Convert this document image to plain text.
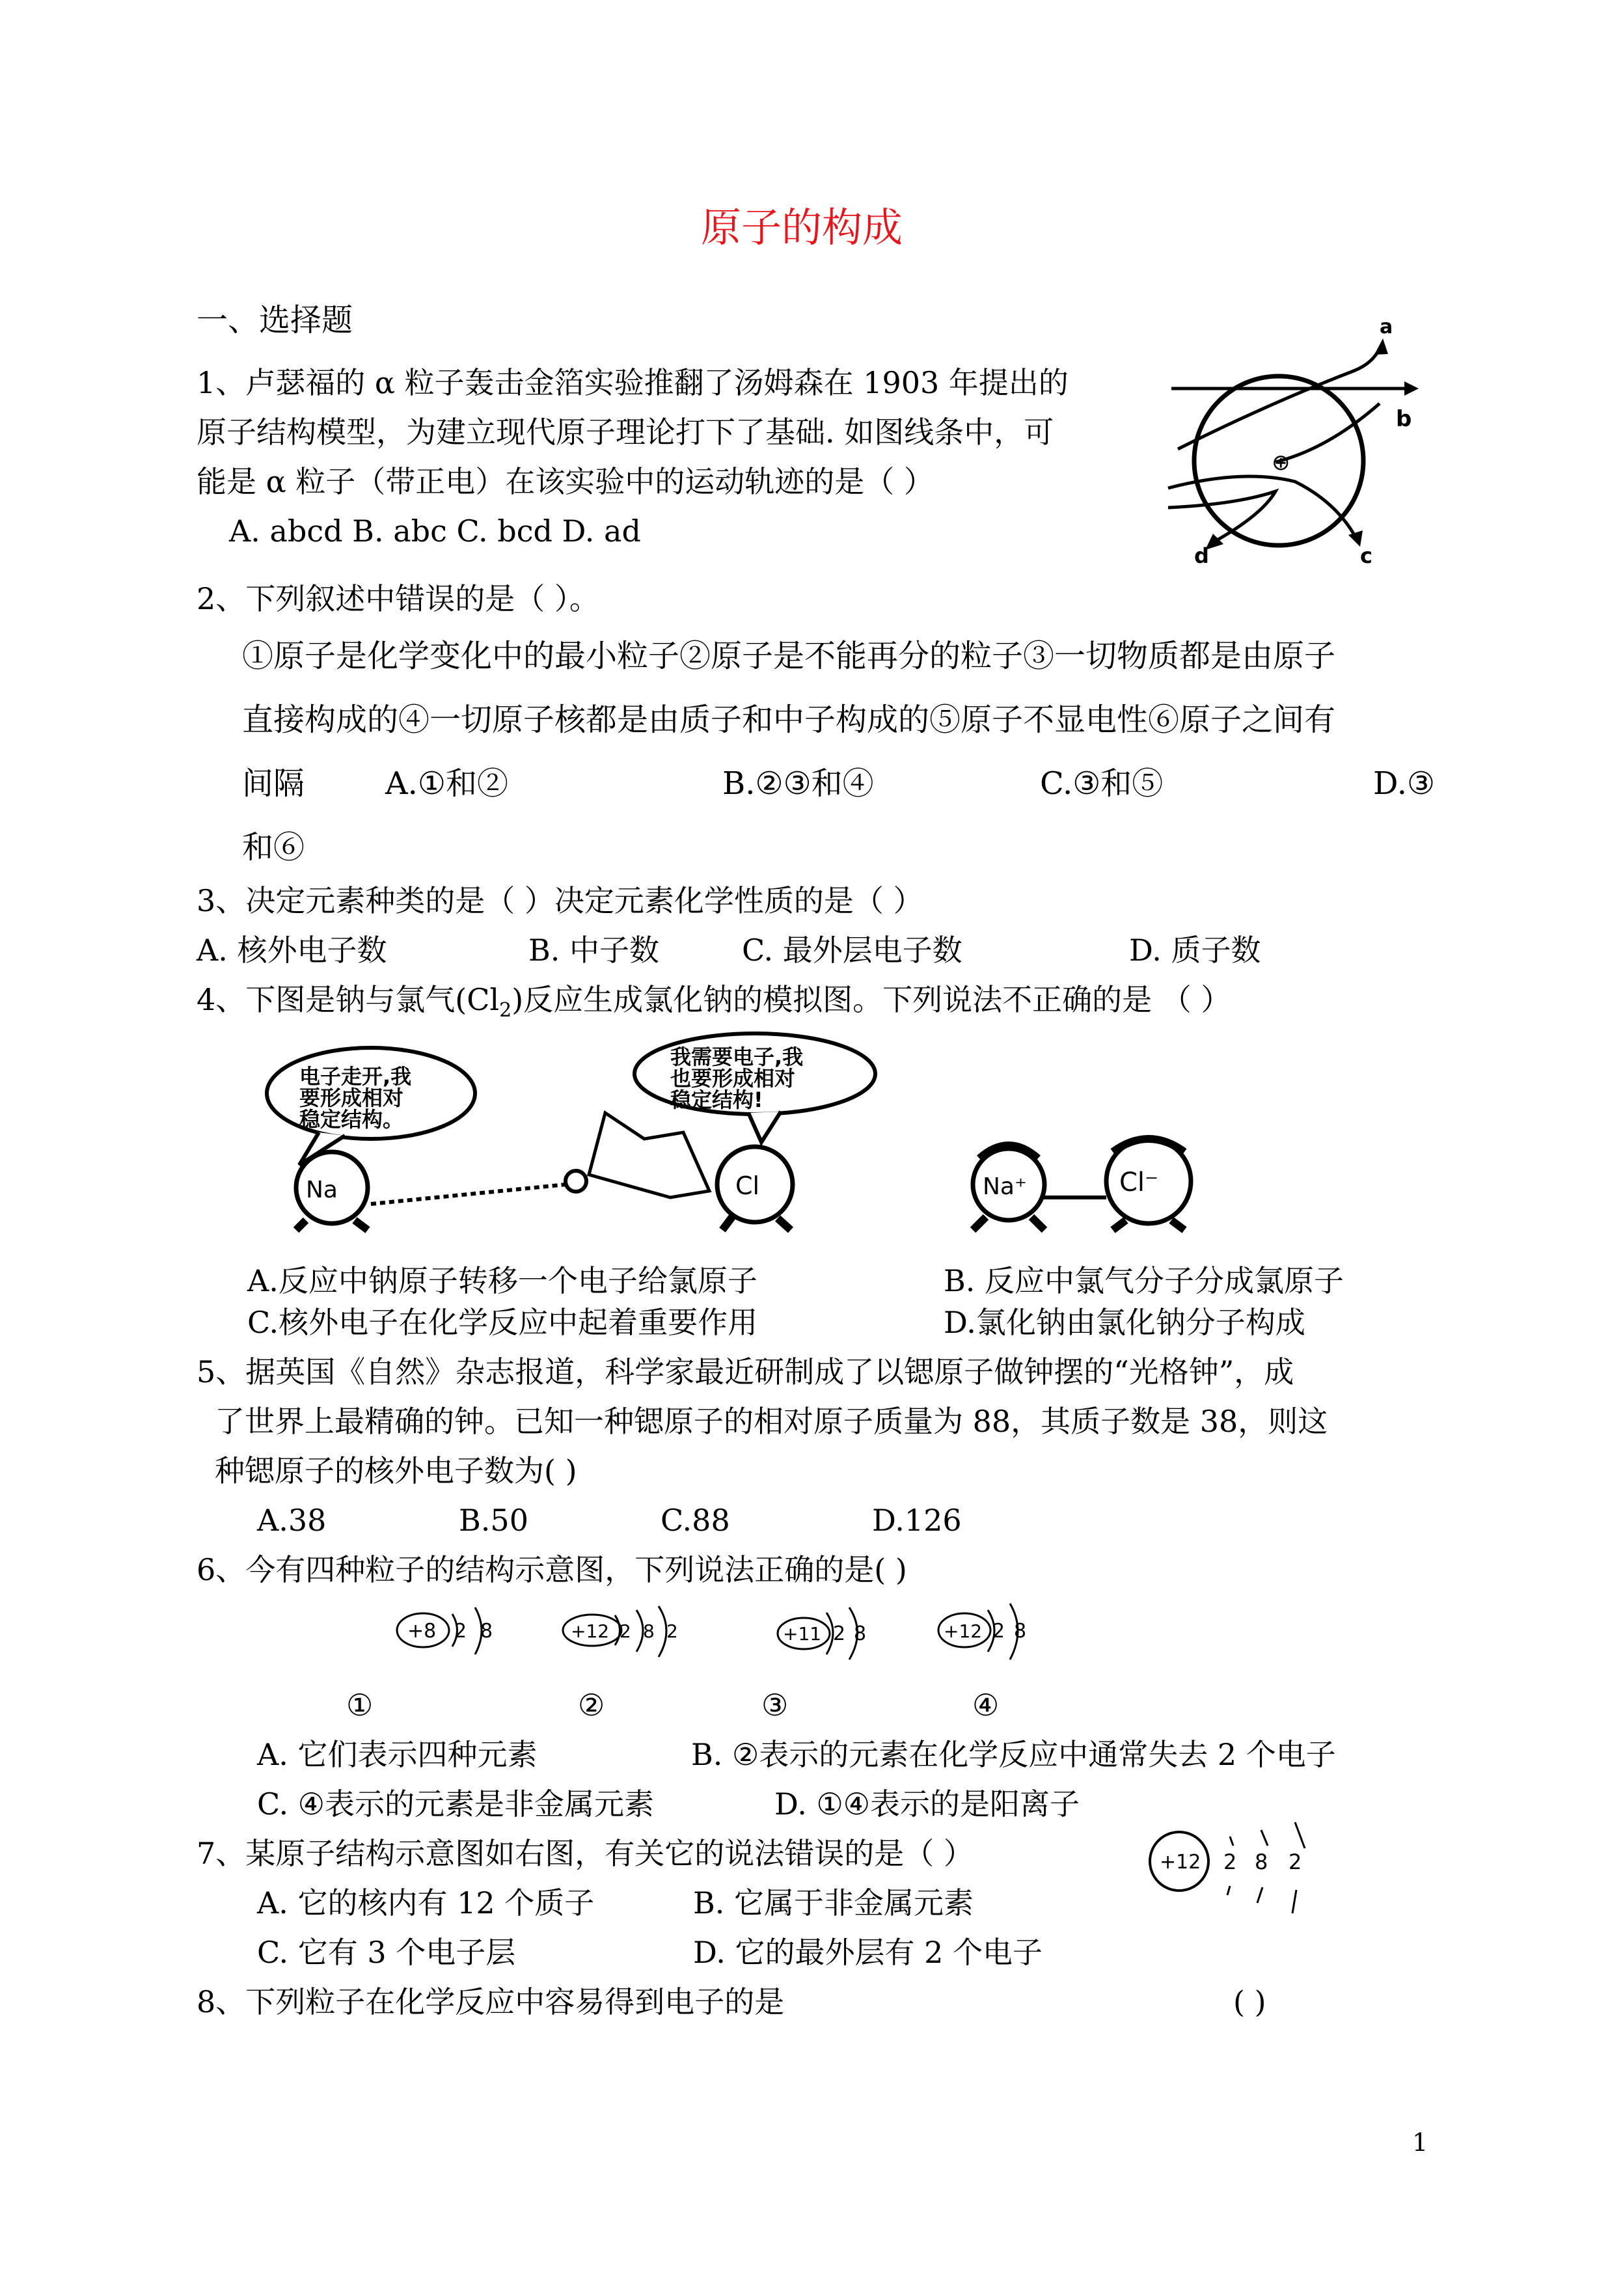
原子的构成
一、选择题
1、卢瑟福的 α 粒子轰击金箔实验推翻了汤姆森在 1903 年提出的
原子结构模型，为建立现代原子理论打下了基础. 如图线条中，可
能是 α 粒子（带正电）在该实验中的运动轨迹的是（ ）
A. abcd B. abc C. bcd D. ad
⊕
a
b
c
d
2、下列叙述中错误的是（ ）。
①原子是化学变化中的最小粒子②原子是不能再分的粒子③一切物质都是由原子
直接构成的④一切原子核都是由质子和中子构成的⑤原子不显电性⑥原子之间有
间隔	A.①和②	B.②③和④	C.③和⑤	D.③
和⑥
3、决定元素种类的是（ ）决定元素化学性质的是（ ）
A. 核外电子数	B. 中子数	C. 最外层电子数	D. 质子数
4、下图是钠与氯气$(Cl_2)$反应生成氯化钠的模拟图。下列说法不正确的是 （ ）
电子走开,我
要形成相对
稳定结构。
Na
我需要电子,我
也要形成相对
稳定结构!
Cl	Na⁺	Cl⁻
A.反应中钠原子转移一个电子给氯原子	B. 反应中氯气分子分成氯原子
C.核外电子在化学反应中起着重要作用	D.氯化钠由氯化钠分子构成
5、据英国《自然》杂志报道，科学家最近研制成了以锶原子做钟摆的“光格钟”，成
了世界上最精确的钟。已知一种锶原子的相对原子质量为 88，其质子数是 38，则这
种锶原子的核外电子数为( )
A.38	B.50	C.88	D.126
6、今有四种粒子的结构示意图，下列说法正确的是( )
+8 2 8	+12 2 8 2	+11 2 8	+12 2 8
①	②	③	④
A. 它们表示四种元素	B. ②表示的元素在化学反应中通常失去 2 个电子
C. ④表示的元素是非金属元素	D. ①④表示的是阳离子
7、某原子结构示意图如右图，有关它的说法错误的是（ ）
A. 它的核内有 12 个质子	B. 它属于非金属元素
C. 它有 3 个电子层	D. 它的最外层有 2 个电子
+12 2 8 2
8、下列粒子在化学反应中容易得到电子的是	( )
1
